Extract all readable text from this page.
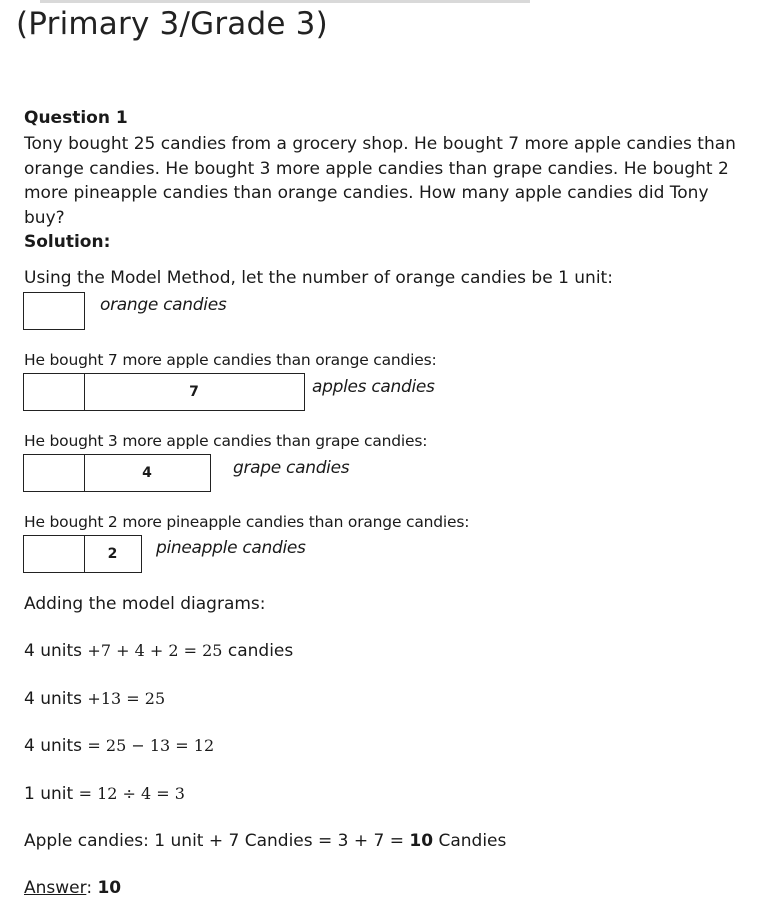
(Primary 3/Grade 3)
Question 1
Tony bought 25 candies from a grocery shop. He bought 7 more apple candies than orange candies. He bought 3 more apple candies than grape candies. He bought 2 more pineapple candies than orange candies. How many apple candies did Tony buy?
Solution:
Using the Model Method, let the number of orange candies be 1 unit:
orange candies
He bought 7 more apple candies than orange candies:
7	apples candies
He bought 3 more apple candies than grape candies:
4	grape candies
He bought 2 more pineapple candies than orange candies:
2	pineapple candies
Adding the model diagrams:
4 units +7 + 4 + 2 = 25 candies
4 units +13 = 25
4 units = 25 − 13 = 12
1 unit = 12 ÷ 4 = 3
Apple candies: 1 unit + 7 Candies = 3 + 7 = 10 Candies
Answer: 10
